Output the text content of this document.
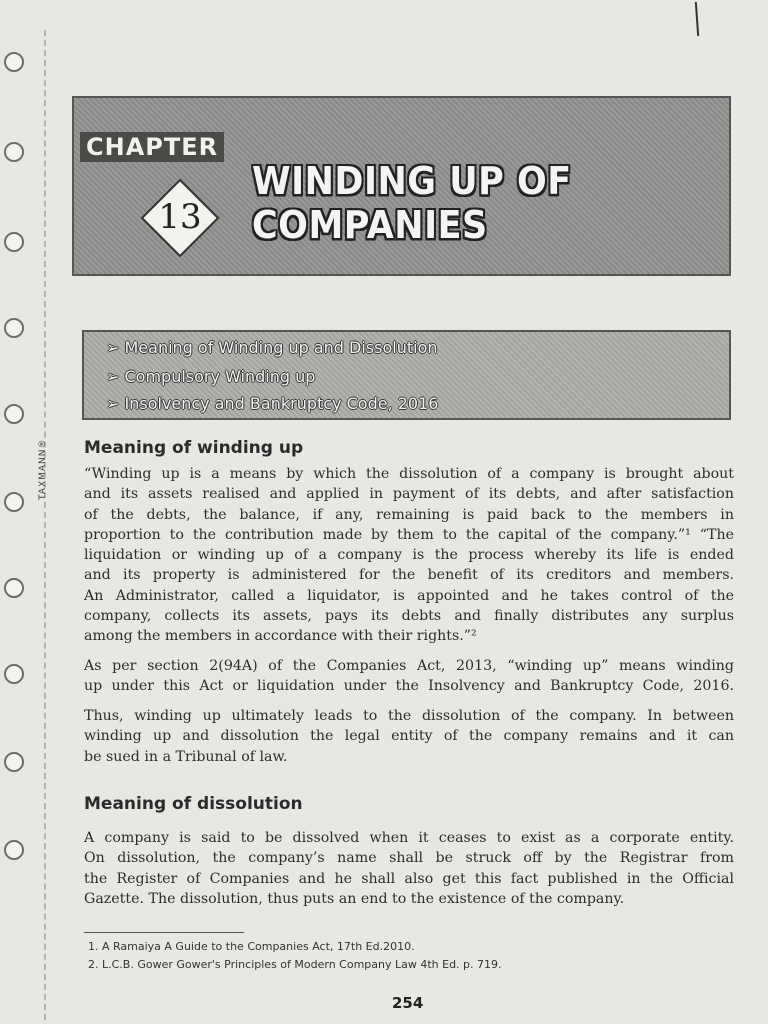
TAXMANN®
CHAPTER
13
WINDING UP OF COMPANIES
➢ Meaning of Winding up and Dissolution
➢ Compulsory Winding up
➢ Insolvency and Bankruptcy Code, 2016
Meaning of winding up
“Winding up is a means by which the dissolution of a company is brought about
and its assets realised and applied in payment of its debts, and after satisfaction
of the debts, the balance, if any, remaining is paid back to the members in
proportion to the contribution made by them to the capital of the company.”¹ “The
liquidation or winding up of a company is the process whereby its life is ended
and its property is administered for the benefit of its creditors and members.
An Administrator, called a liquidator, is appointed and he takes control of the
company, collects its assets, pays its debts and finally distributes any surplus
among the members in accordance with their rights.”²
As per section 2(94A) of the Companies Act, 2013, “winding up” means winding
up under this Act or liquidation under the Insolvency and Bankruptcy Code, 2016.
Thus, winding up ultimately leads to the dissolution of the company. In between
winding up and dissolution the legal entity of the company remains and it can
be sued in a Tribunal of law.
Meaning of dissolution
A company is said to be dissolved when it ceases to exist as a corporate entity.
On dissolution, the company’s name shall be struck off by the Registrar from
the Register of Companies and he shall also get this fact published in the Official
Gazette. The dissolution, thus puts an end to the existence of the company.
1. A Ramaiya A Guide to the Companies Act, 17th Ed.2010.
2. L.C.B. Gower Gower's Principles of Modern Company Law 4th Ed. p. 719.
254
